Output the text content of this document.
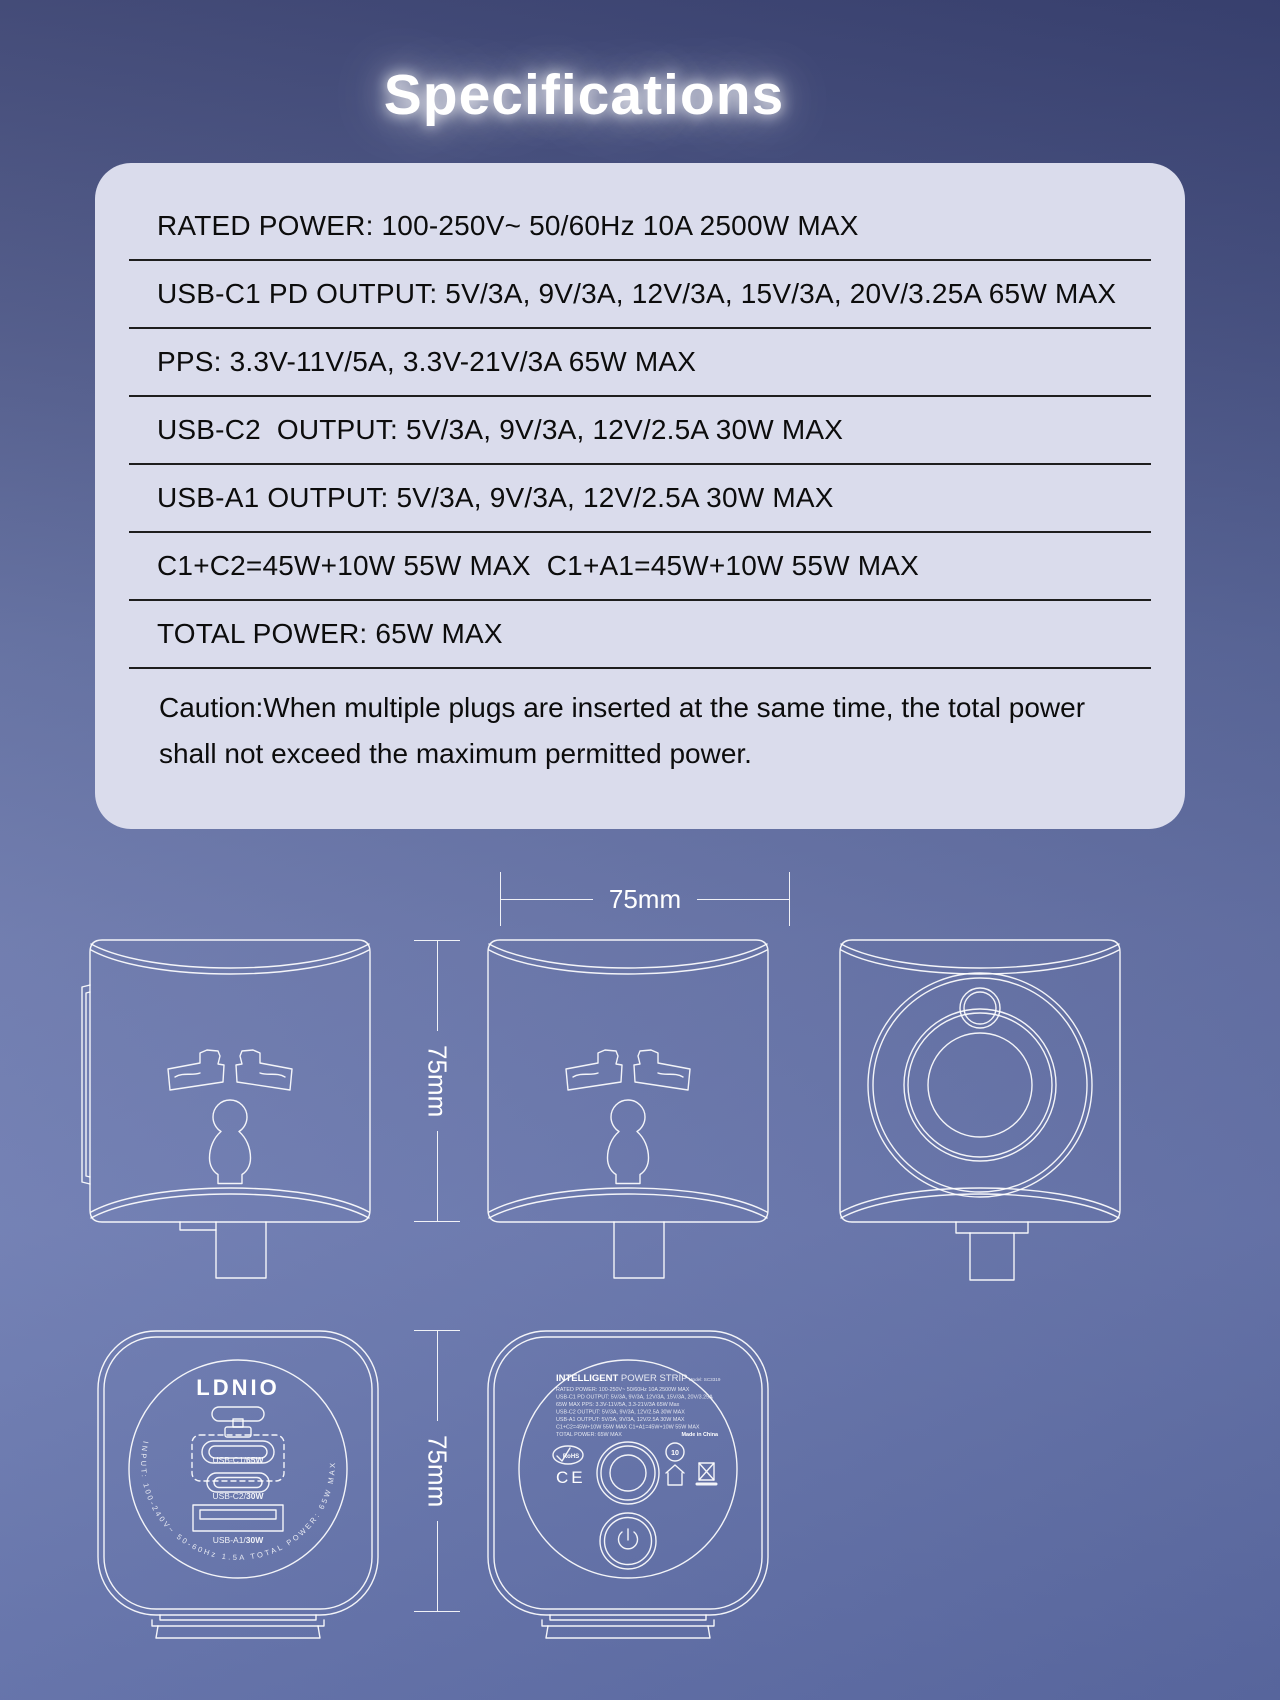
Specifications
RATED POWER: 100-250V~ 50/60Hz 10A 2500W MAX
USB-C1 PD OUTPUT: 5V/3A, 9V/3A, 12V/3A, 15V/3A, 20V/3.25A 65W MAX
PPS: 3.3V-11V/5A, 3.3V-21V/3A 65W MAX
USB-C2  OUTPUT: 5V/3A, 9V/3A, 12V/2.5A 30W MAX
USB-A1 OUTPUT: 5V/3A, 9V/3A, 12V/2.5A 30W MAX
C1+C2=45W+10W 55W MAX  C1+A1=45W+10W 55W MAX
TOTAL POWER: 65W MAX
Caution:When multiple plugs are inserted at the same time, the total power
shall not exceed the maximum permitted power.
75mm
75mm
75mm
LDNIO
USB-C1/65W
USB-C2/30W
USB-A1/30W
INPUT: 100-240V~ 50-60Hz 1.5A TOTAL POWER: 65W MAX
INTELLIGENT POWER STRIP Model: SC3319
RATED POWER: 100-250V~ 50/60Hz 10A 2500W MAX
USB-C1 PD OUTPUT: 5V/3A, 9V/3A, 12V/3A, 15V/3A, 20V/3.25A
65W MAX PPS: 3.3V-11V/5A, 3.3-21V/3A 65W Max
USB-C2 OUTPUT: 5V/3A, 9V/3A, 12V/2.5A 30W MAX
USB-A1 OUTPUT: 5V/3A, 9V/3A, 12V/2.5A 30W MAX
C1+C2=45W+10W 55W MAX C1+A1=45W+10W 55W MAX
TOTAL POWER: 65W MAX	Made in China
RoHS
CE
10
